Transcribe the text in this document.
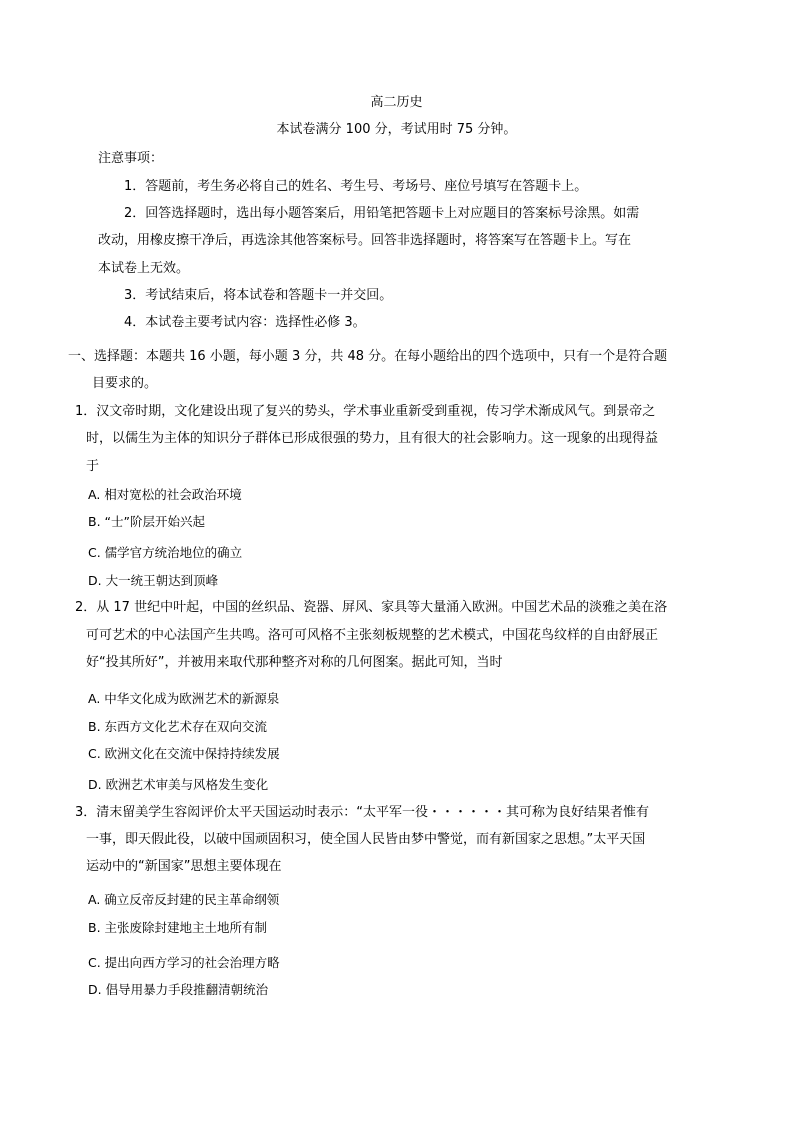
高二历史
本试卷满分 100 分，考试用时 75 分钟。
注意事项：
1．答题前，考生务必将自己的姓名、考生号、考场号、座位号填写在答题卡上。
2．回答选择题时，选出每小题答案后，用铅笔把答题卡上对应题目的答案标号涂黑。如需
改动，用橡皮擦干净后，再选涂其他答案标号。回答非选择题时，将答案写在答题卡上。写在
本试卷上无效。
3．考试结束后，将本试卷和答题卡一并交回。
4．本试卷主要考试内容：选择性必修 3。
一、选择题：本题共 16 小题，每小题 3 分，共 48 分。在每小题给出的四个选项中，只有一个是符合题
目要求的。
1．汉文帝时期，文化建设出现了复兴的势头，学术事业重新受到重视，传习学术渐成风气。到景帝之
时，以儒生为主体的知识分子群体已形成很强的势力，且有很大的社会影响力。这一现象的出现得益
于
A. 相对宽松的社会政治环境
B. “士”阶层开始兴起
C. 儒学官方统治地位的确立
D. 大一统王朝达到顶峰
2．从 17 世纪中叶起，中国的丝织品、瓷器、屏风、家具等大量涌入欧洲。中国艺术品的淡雅之美在洛
可可艺术的中心法国产生共鸣。洛可可风格不主张刻板规整的艺术模式，中国花鸟纹样的自由舒展正
好“投其所好”，并被用来取代那种整齐对称的几何图案。据此可知，当时
A. 中华文化成为欧洲艺术的新源泉
B. 东西方文化艺术存在双向交流
C. 欧洲文化在交流中保持持续发展
D. 欧洲艺术审美与风格发生变化
3．清末留美学生容闳评价太平天国运动时表示：“太平军一役・・・・・・其可称为良好结果者惟有
一事，即天假此役，以破中国顽固积习，使全国人民皆由梦中警觉，而有新国家之思想。”太平天国
运动中的“新国家”思想主要体现在
A. 确立反帝反封建的民主革命纲领
B. 主张废除封建地主土地所有制
C. 提出向西方学习的社会治理方略
D. 倡导用暴力手段推翻清朝统治
